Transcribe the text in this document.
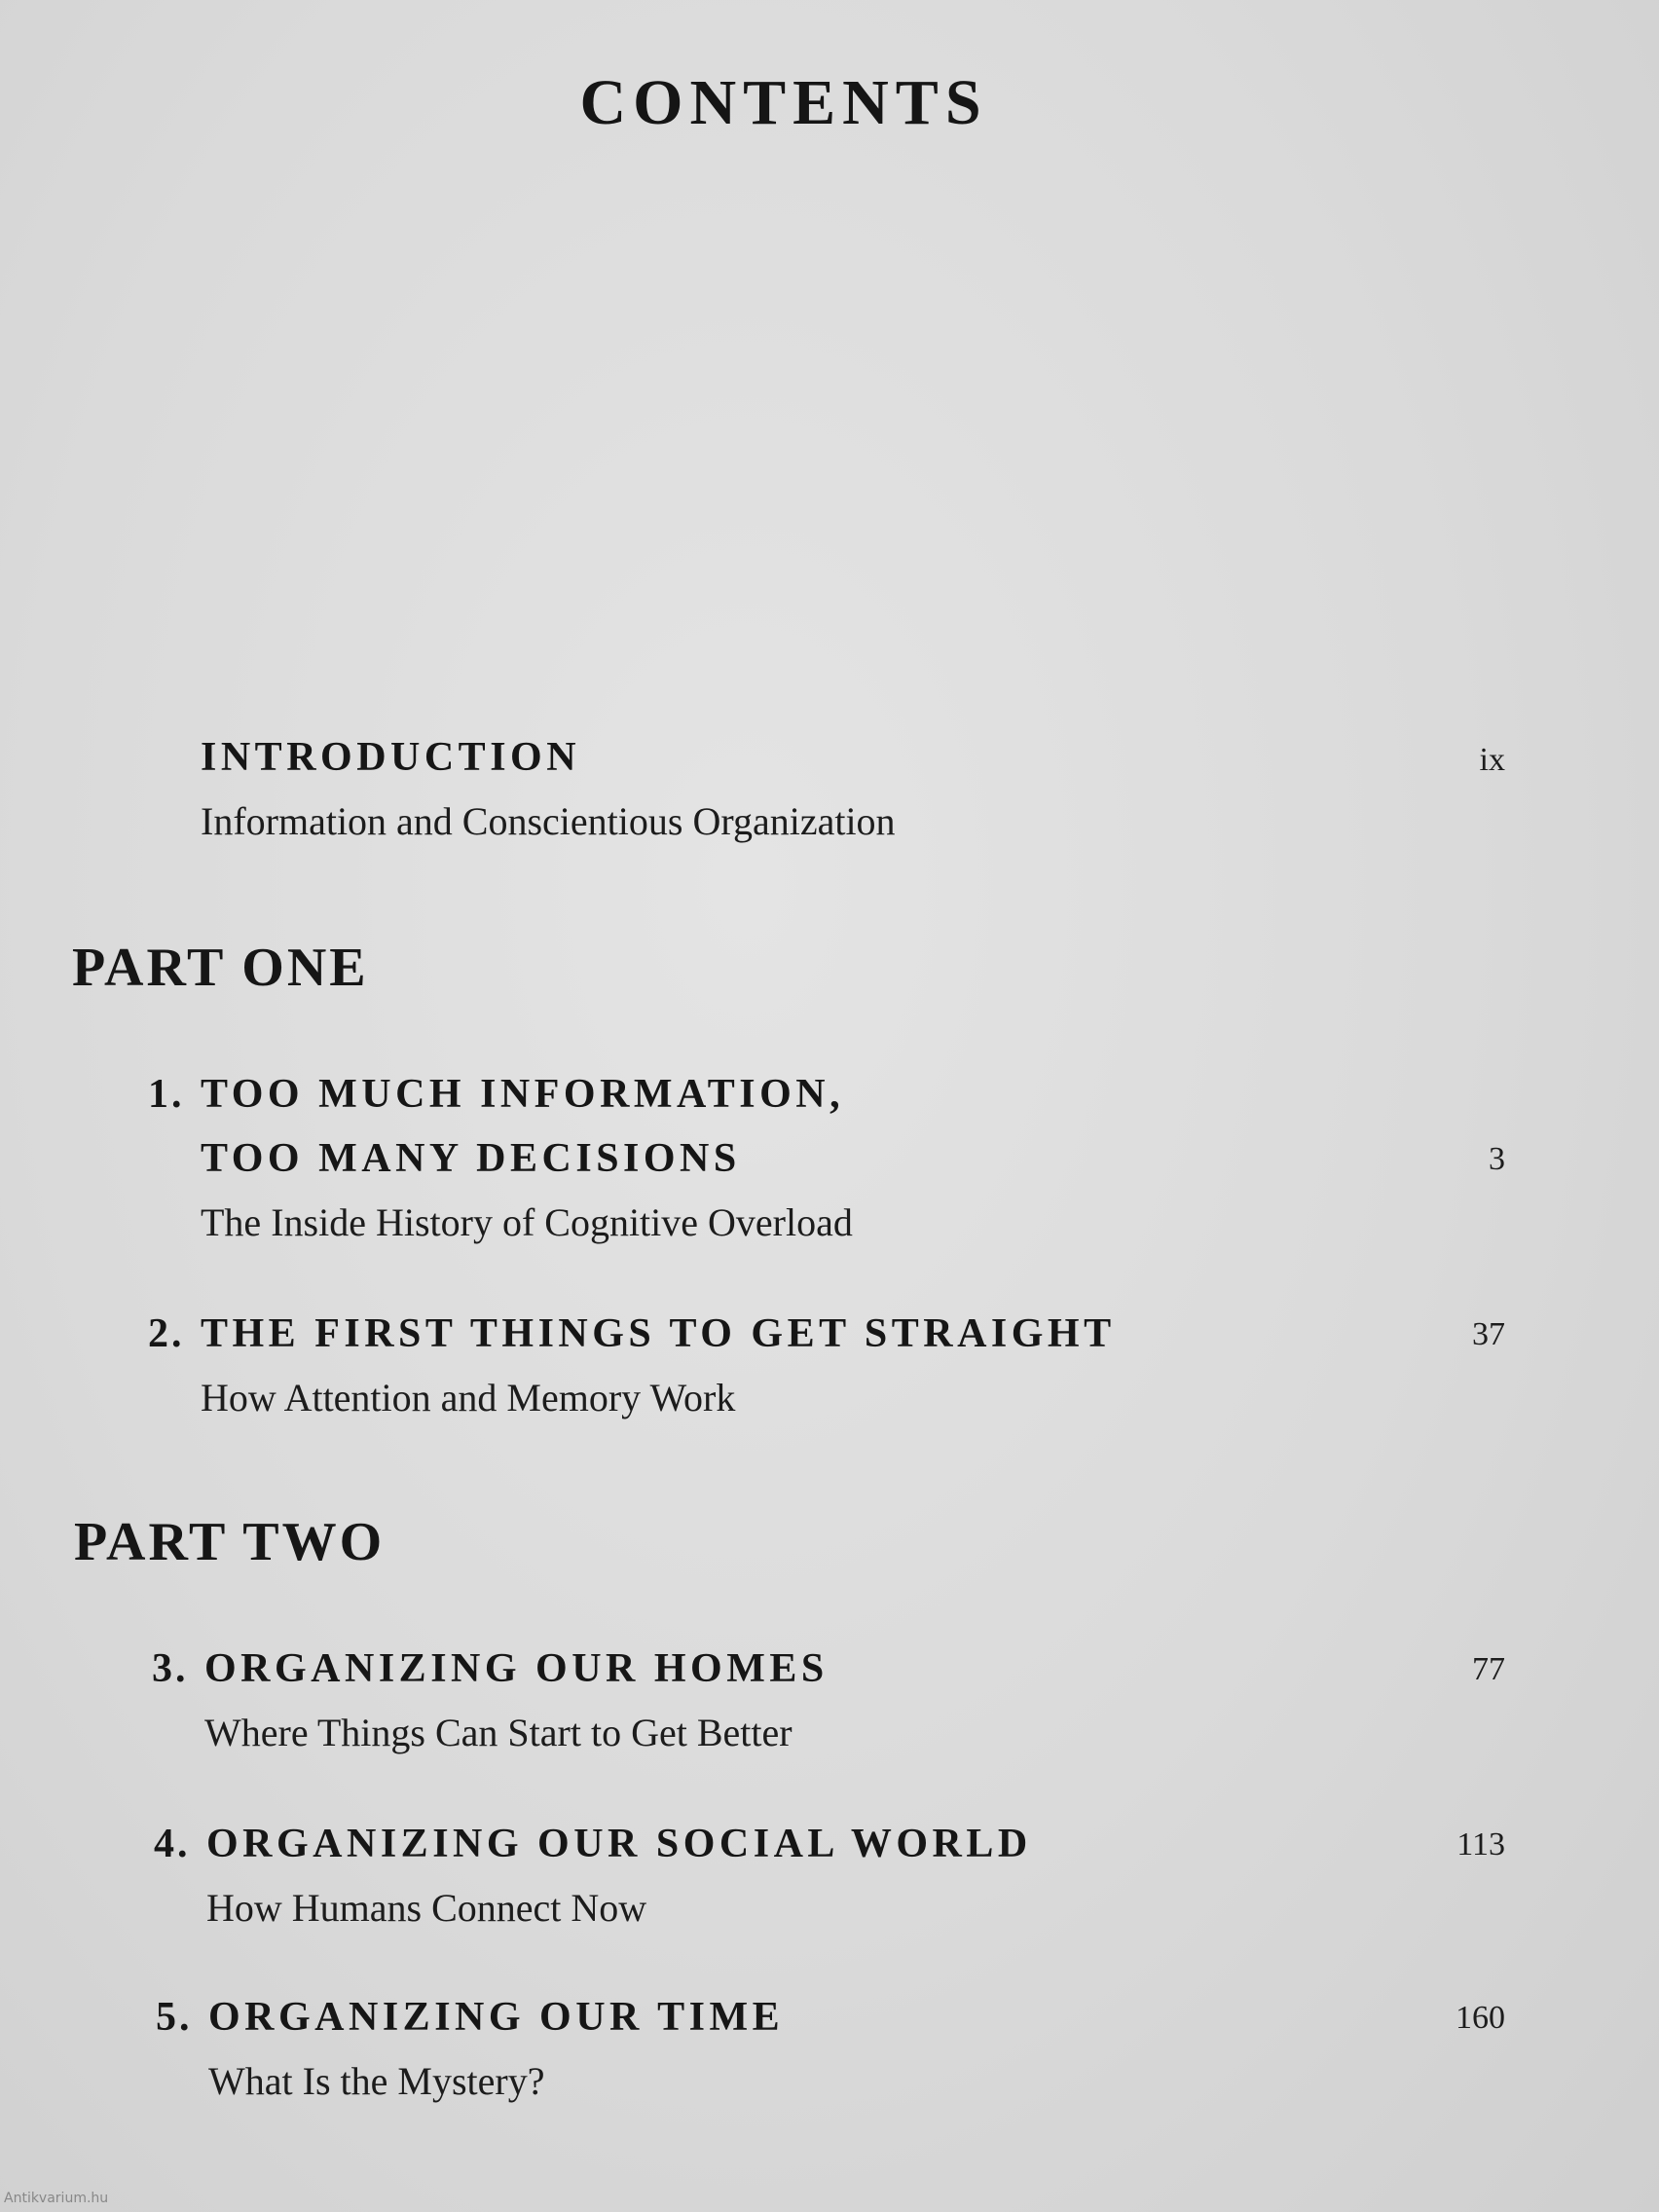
CONTENTS
INTRODUCTION
Information and Conscientious Organization
ix
PART ONE
1. TOO MUCH INFORMATION,
TOO MANY DECISIONS
The Inside History of Cognitive Overload
3
2. THE FIRST THINGS TO GET STRAIGHT
How Attention and Memory Work
37
PART TWO
3. ORGANIZING OUR HOMES
Where Things Can Start to Get Better
77
4. ORGANIZING OUR SOCIAL WORLD
How Humans Connect Now
113
5. ORGANIZING OUR TIME
What Is the Mystery?
160
Antikvarium.hu
